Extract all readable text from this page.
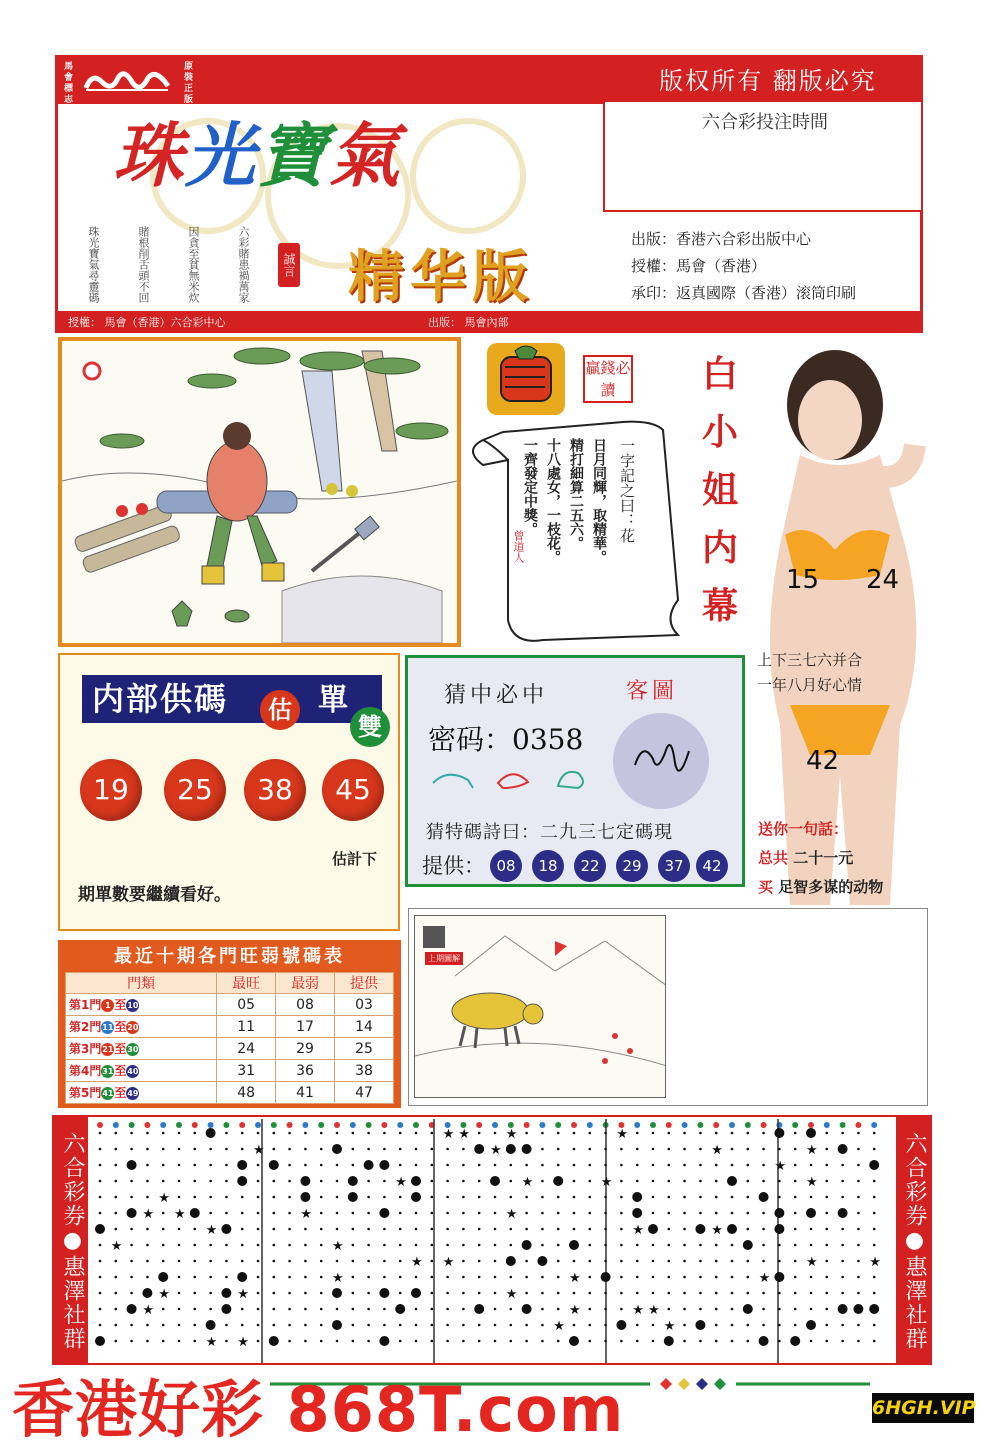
馬會標志
原裝正版
版权所有 翻版必究
珠光寶氣
珠光寶氣尋靈碼	賭根削舌頭不回	因貪至貧無米炊	六彩賭患禍萬家	誠言 精华版
六合彩投注時間
出版：香港六合彩出版中心
授權：馬會（香港）
承印：返真國際（香港）滚筒印刷
授權： 馬會（香港）六合彩中心	出版： 馬會內部
贏錢必讀
一字記之曰：花
日月同輝，取精華。
精打細算二五六。
十八處女，一枝花。
一齊發定中獎。
曾道人
白
小
姐
内
幕
15 24
42
上下三七六并合
一年八月好心情
送你一句話：
总共 二十一元
买 足智多谋的动物
内部供碼	估 單
雙
19	25	38	45
估計下
期單數要繼續看好。
猜中必中	客圖
密码：0358
猜特碼詩曰：二九三七定碼現
提供： 08	18	22	29	37	42
最近十期各門旺弱號碼表
門類	最旺	最弱	提供
第1門 1 至10	05	08	03
第2門11至20	11	17	14
第3門21至30	24	29	25
第4門31至40	31	36	38
第5門41至49	48	41	47
上期圖解
六合彩券●惠澤社群	六合彩券●惠澤社群
★ ★	★	★
★	★	★	★
★
★	★	★	★
★
★ ★	★	★
★	★	★
★	★
★ ★	★	★
★	★	★
★	★	★
★	★	★ ★
★	★
★ ★
香港好彩 868T.com	6HGH.VIP
